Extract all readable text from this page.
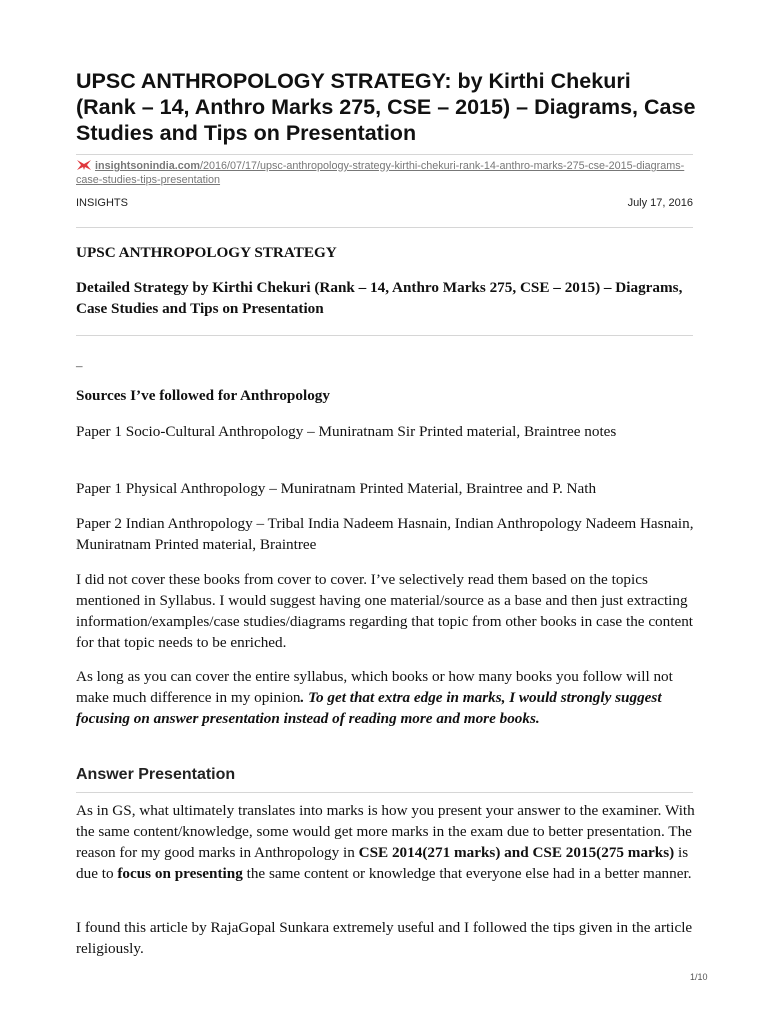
UPSC ANTHROPOLOGY STRATEGY: by Kirthi Chekuri (Rank – 14, Anthro Marks 275, CSE – 2015) – Diagrams, Case Studies and Tips on Presentation
insightsonindia.com/2016/07/17/upsc-anthropology-strategy-kirthi-chekuri-rank-14-anthro-marks-275-cse-2015-diagrams-case-studies-tips-presentation
INSIGHTS	July 17, 2016
UPSC ANTHROPOLOGY STRATEGY
Detailed Strategy by Kirthi Chekuri (Rank – 14, Anthro Marks 275, CSE – 2015) – Diagrams, Case Studies and Tips on Presentation
–
Sources I’ve followed for Anthropology
Paper 1 Socio-Cultural Anthropology – Muniratnam Sir Printed material, Braintree notes
Paper 1 Physical Anthropology – Muniratnam Printed Material, Braintree and P. Nath
Paper 2 Indian Anthropology – Tribal India Nadeem Hasnain, Indian Anthropology Nadeem Hasnain, Muniratnam Printed material, Braintree
I did not cover these books from cover to cover. I’ve selectively read them based on the topics mentioned in Syllabus. I would suggest having one material/source as a base and then just extracting information/examples/case studies/diagrams regarding that topic from other books in case the content for that topic needs to be enriched.
As long as you can cover the entire syllabus, which books or how many books you follow will not make much difference in my opinion. To get that extra edge in marks, I would strongly suggest focusing on answer presentation instead of reading more and more books.
Answer Presentation
As in GS, what ultimately translates into marks is how you present your answer to the examiner. With the same content/knowledge, some would get more marks in the exam due to better presentation. The reason for my good marks in Anthropology in CSE 2014(271 marks) and CSE 2015(275 marks) is due to focus on presenting the same content or knowledge that everyone else had in a better manner.
I found this article by RajaGopal Sunkara extremely useful and I followed the tips given in the article religiously.
1/10
